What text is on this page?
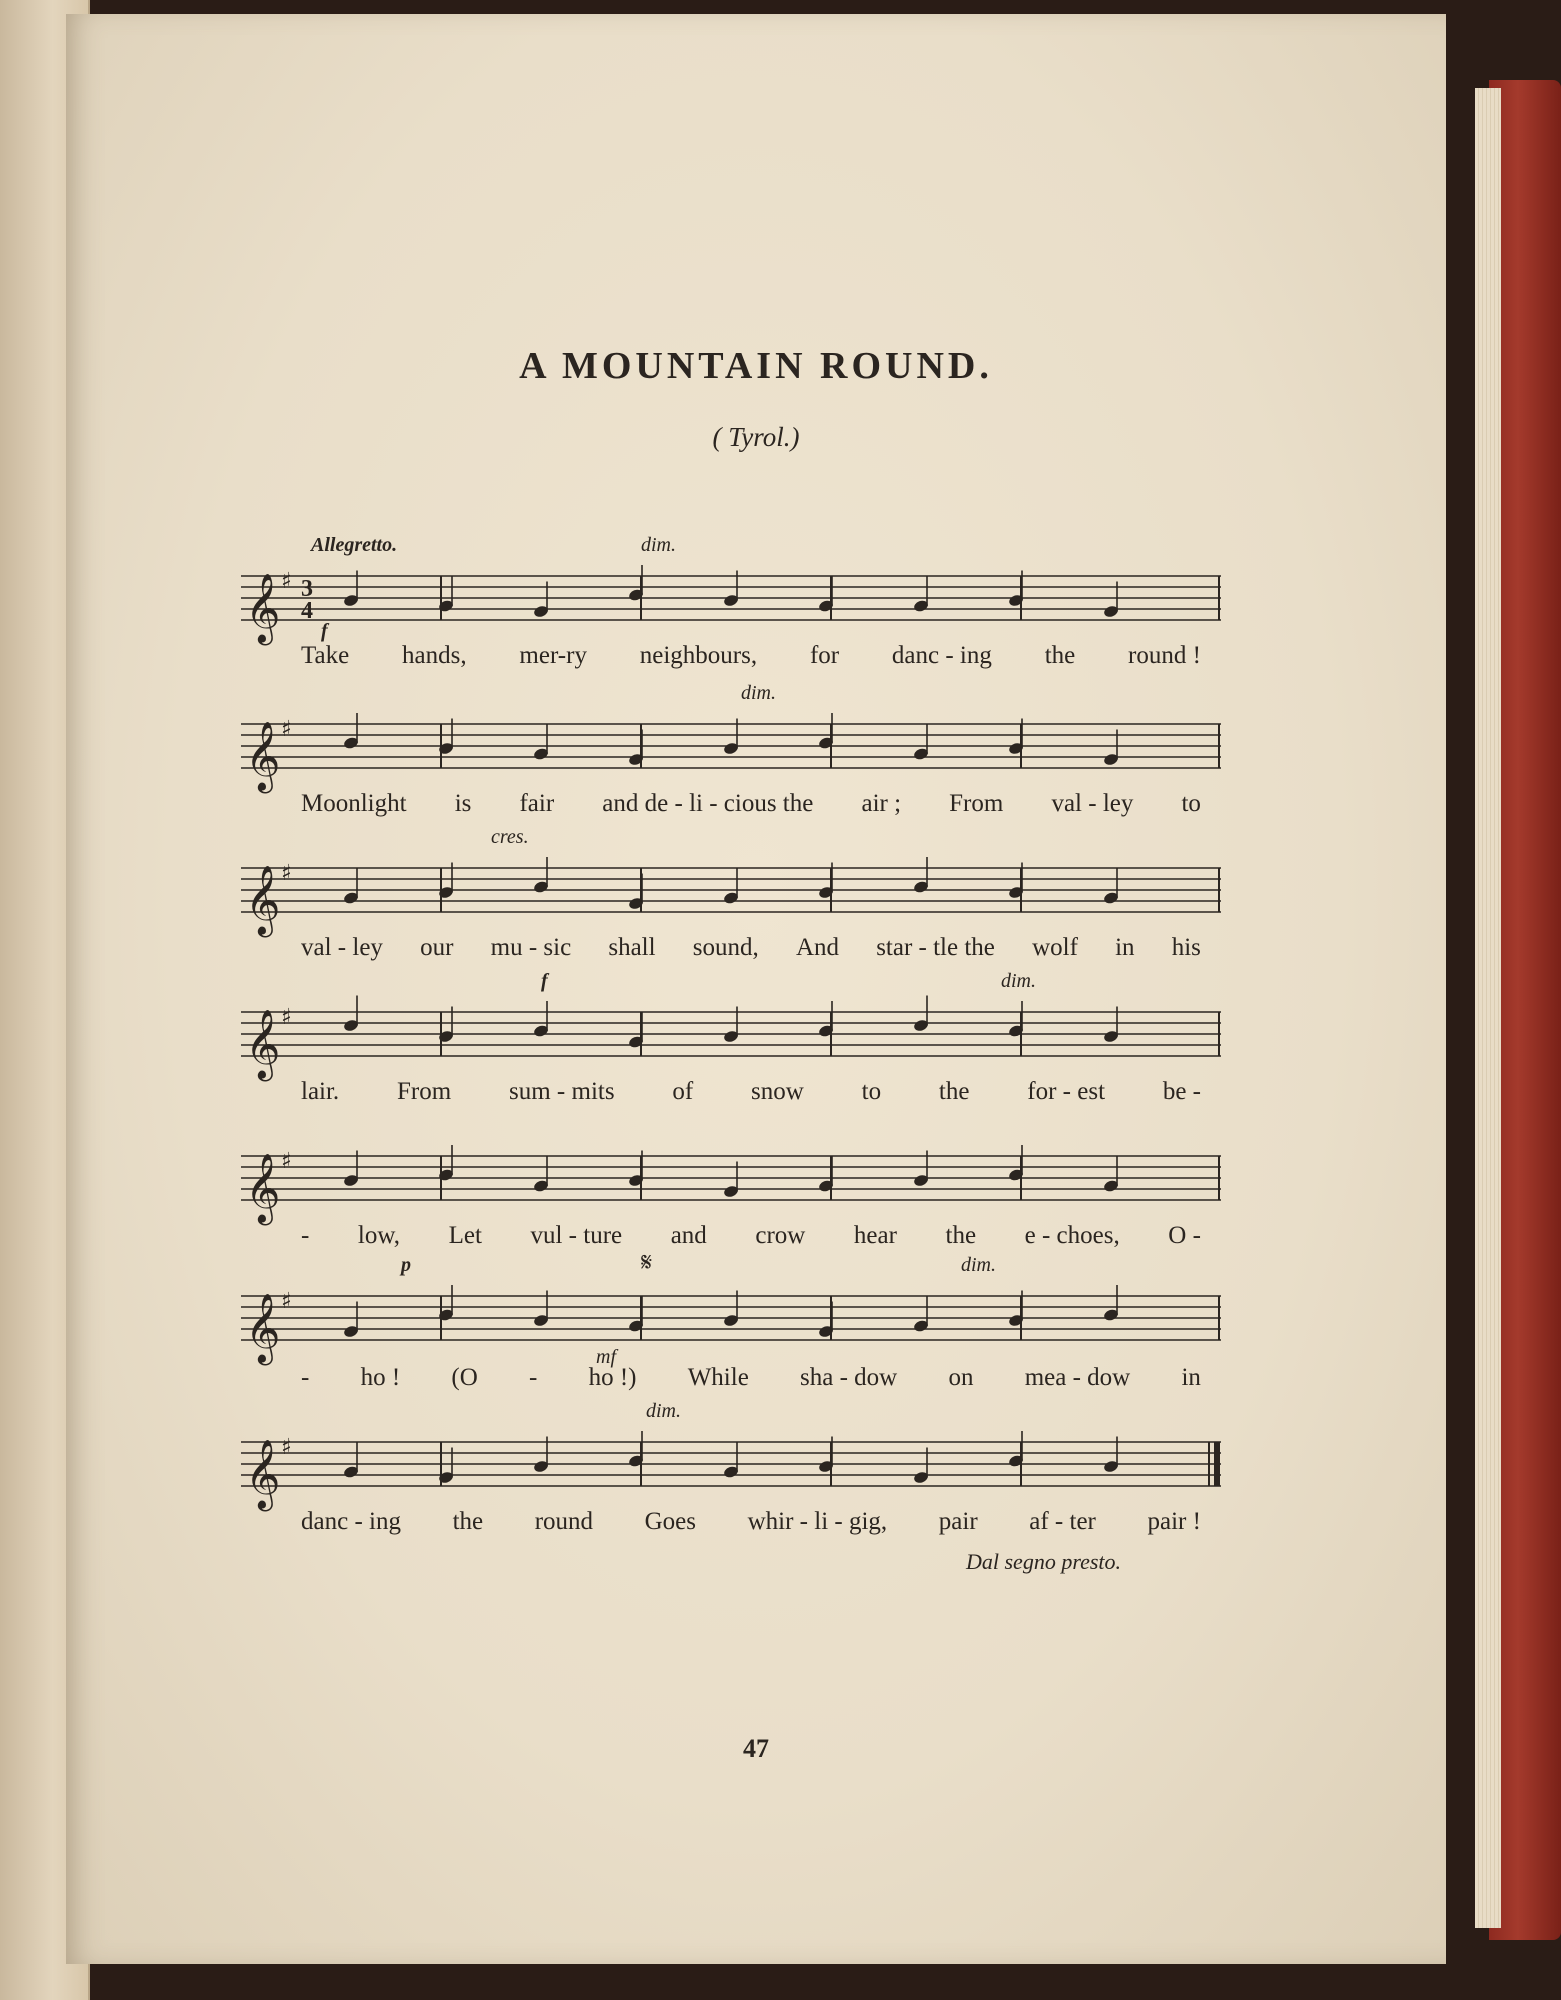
A MOUNTAIN ROUND.
( Tyrol.)
Allegretto.	dim.
f
𝄞 ♯ 3
4
Take hands, mer-ry neighbours, for danc - ing the round !
dim.
𝄞 ♯
Moonlight is fair and de - li - cious the air ; From val - ley to
cres.
𝄞 ♯
val - ley our mu - sic shall sound, And star - tle the wolf in his
f	dim.
𝄞 ♯
lair. From sum - mits of snow to the for - est be -
𝄞 ♯
- low, Let vul - ture and crow hear the e - choes, O -
p	dim.
mf
𝄋
𝄞 ♯
- ho ! (O - ho !) While sha - dow on mea - dow in
dim.
𝄞 ♯
danc - ing the round Goes whir - li - gig, pair af - ter pair !
Dal segno presto.
47
